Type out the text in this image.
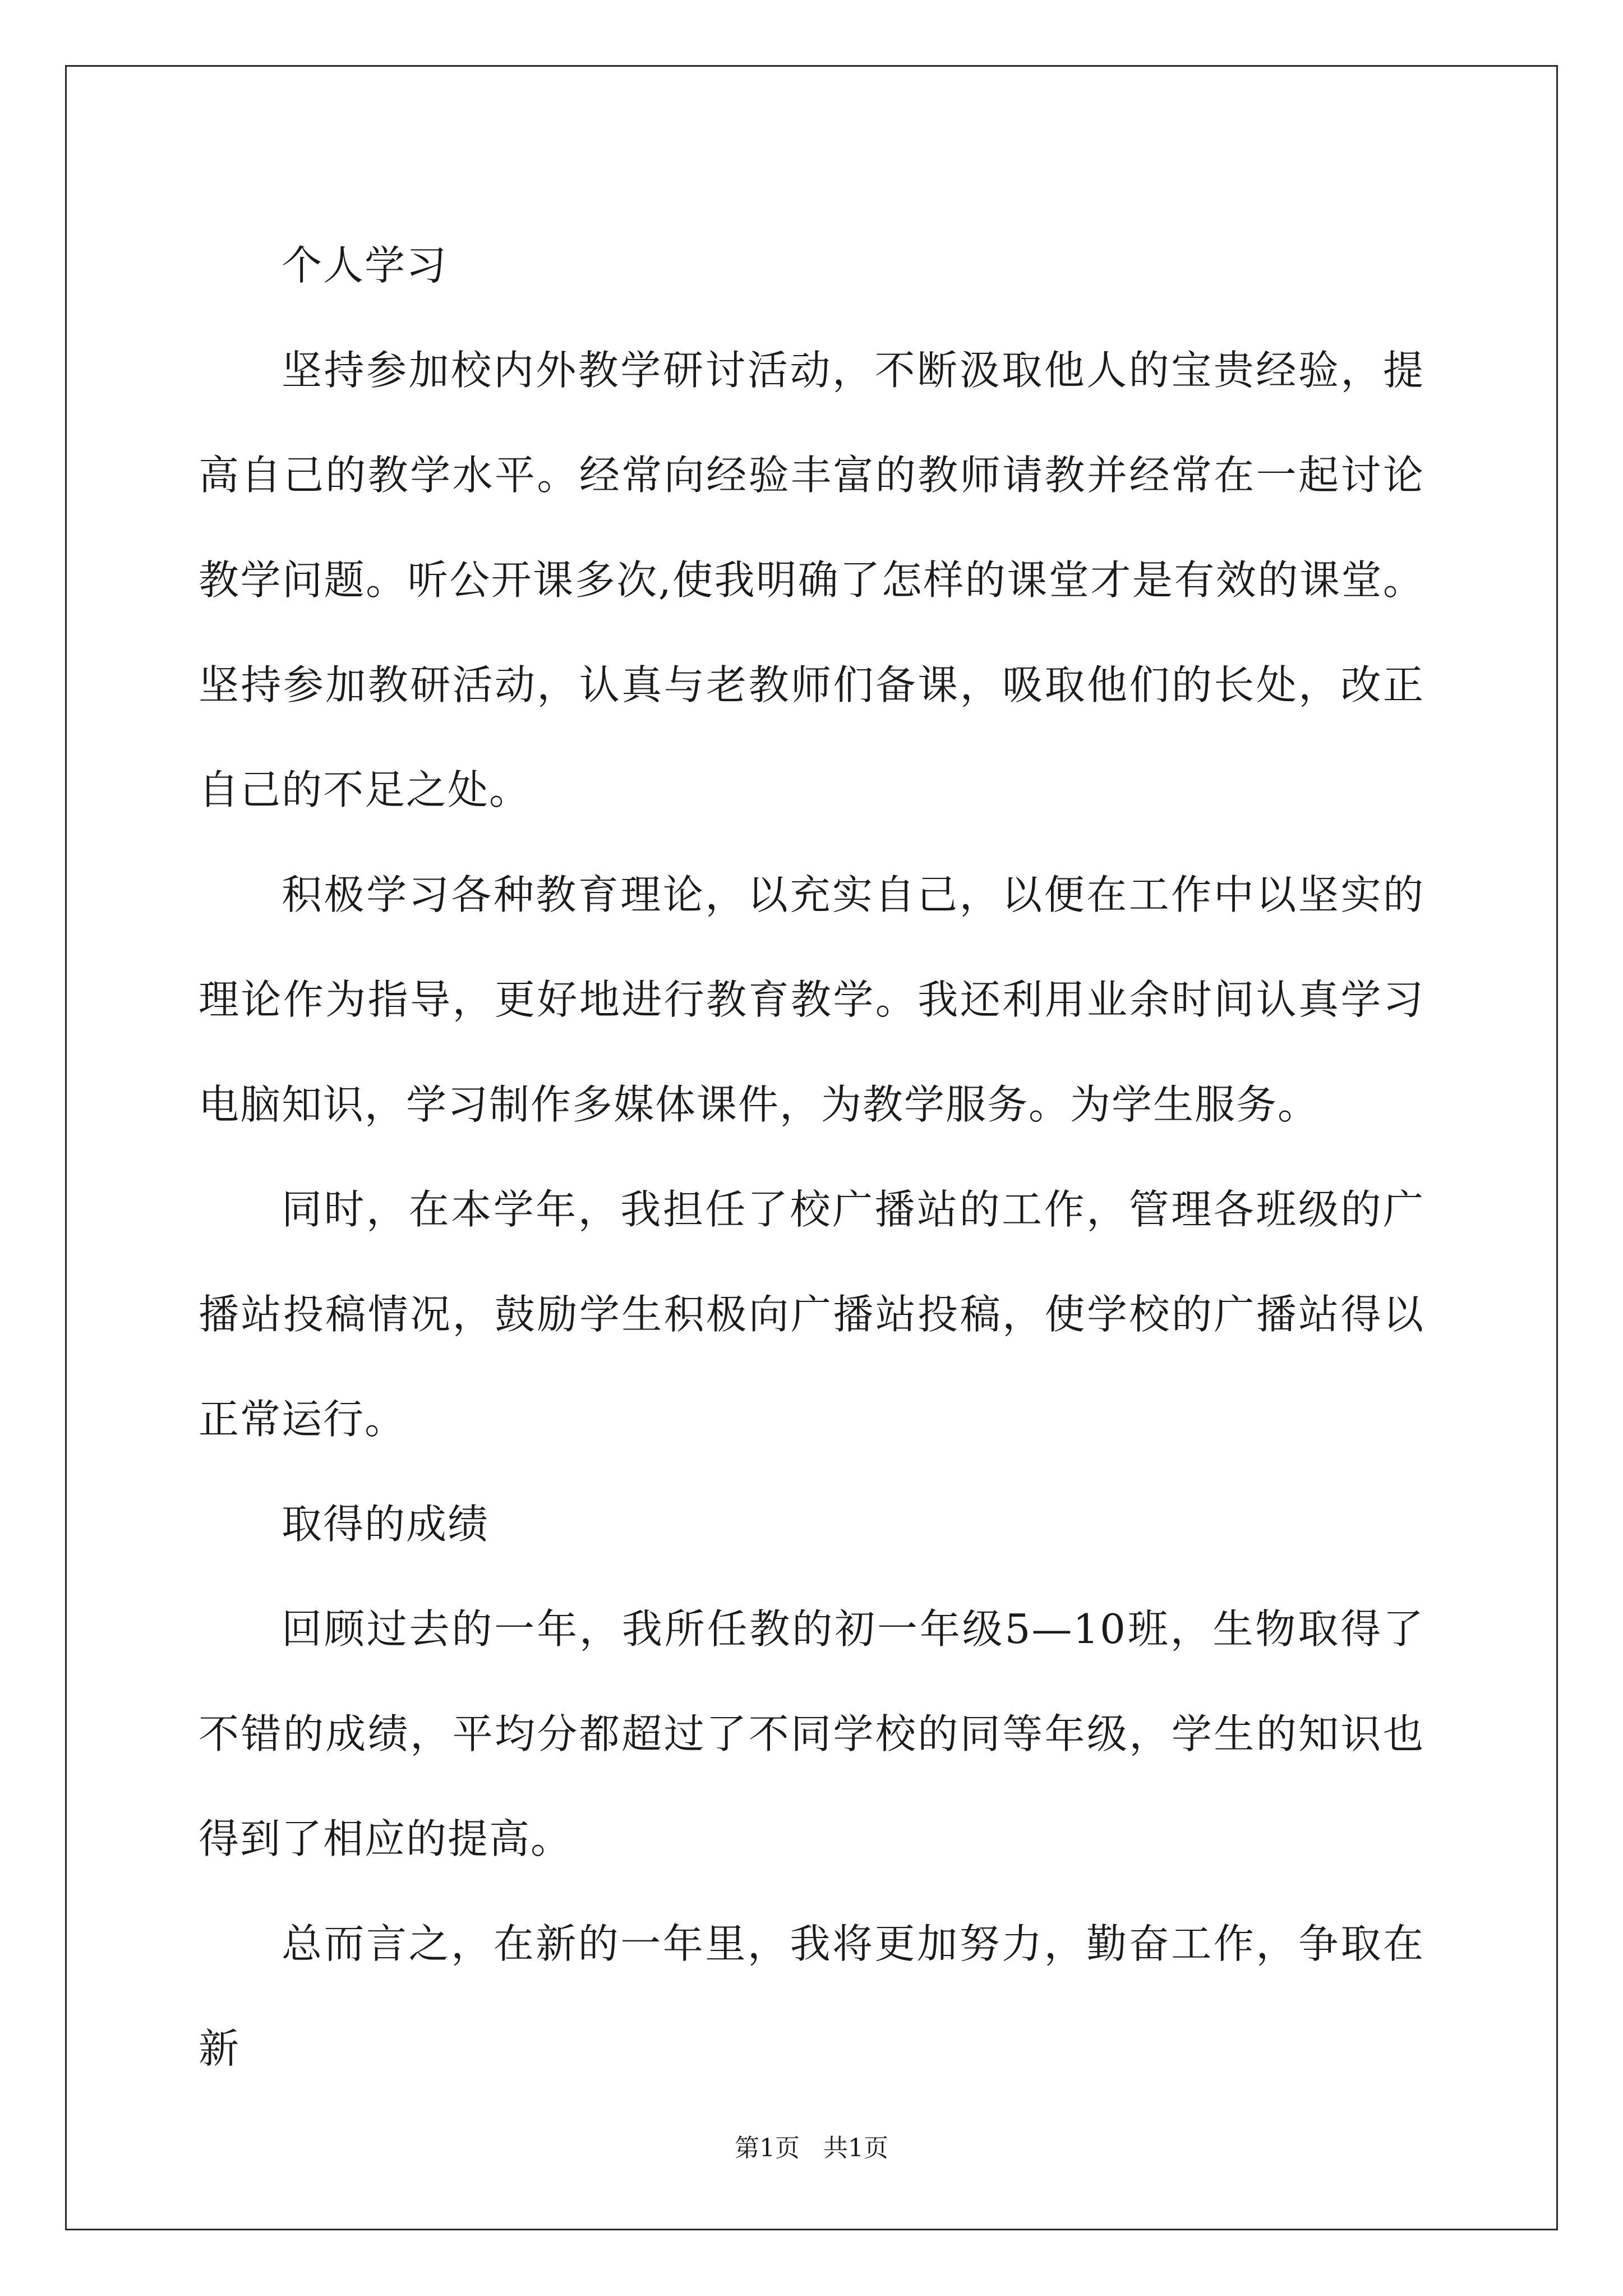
个人学习

坚持参加校内外教学研讨活动，不断汲取他人的宝贵经验，提高自己的教学水平。经常向经验丰富的教师请教并经常在一起讨论教学问题。听公开课多次,使我明确了怎样的课堂才是有效的课堂。坚持参加教研活动，认真与老教师们备课，吸取他们的长处，改正自己的不足之处。

积极学习各种教育理论，以充实自己，以便在工作中以坚实的理论作为指导，更好地进行教育教学。我还利用业余时间认真学习电脑知识，学习制作多媒体课件，为教学服务。为学生服务。

同时，在本学年，我担任了校广播站的工作，管理各班级的广播站投稿情况，鼓励学生积极向广播站投稿，使学校的广播站得以正常运行。

取得的成绩

回顾过去的一年，我所任教的初一年级5—10班，生物取得了不错的成绩，平均分都超过了不同学校的同等年级，学生的知识也得到了相应的提高。

总而言之，在新的一年里，我将更加努力，勤奋工作，争取在新

第1页 共1页
